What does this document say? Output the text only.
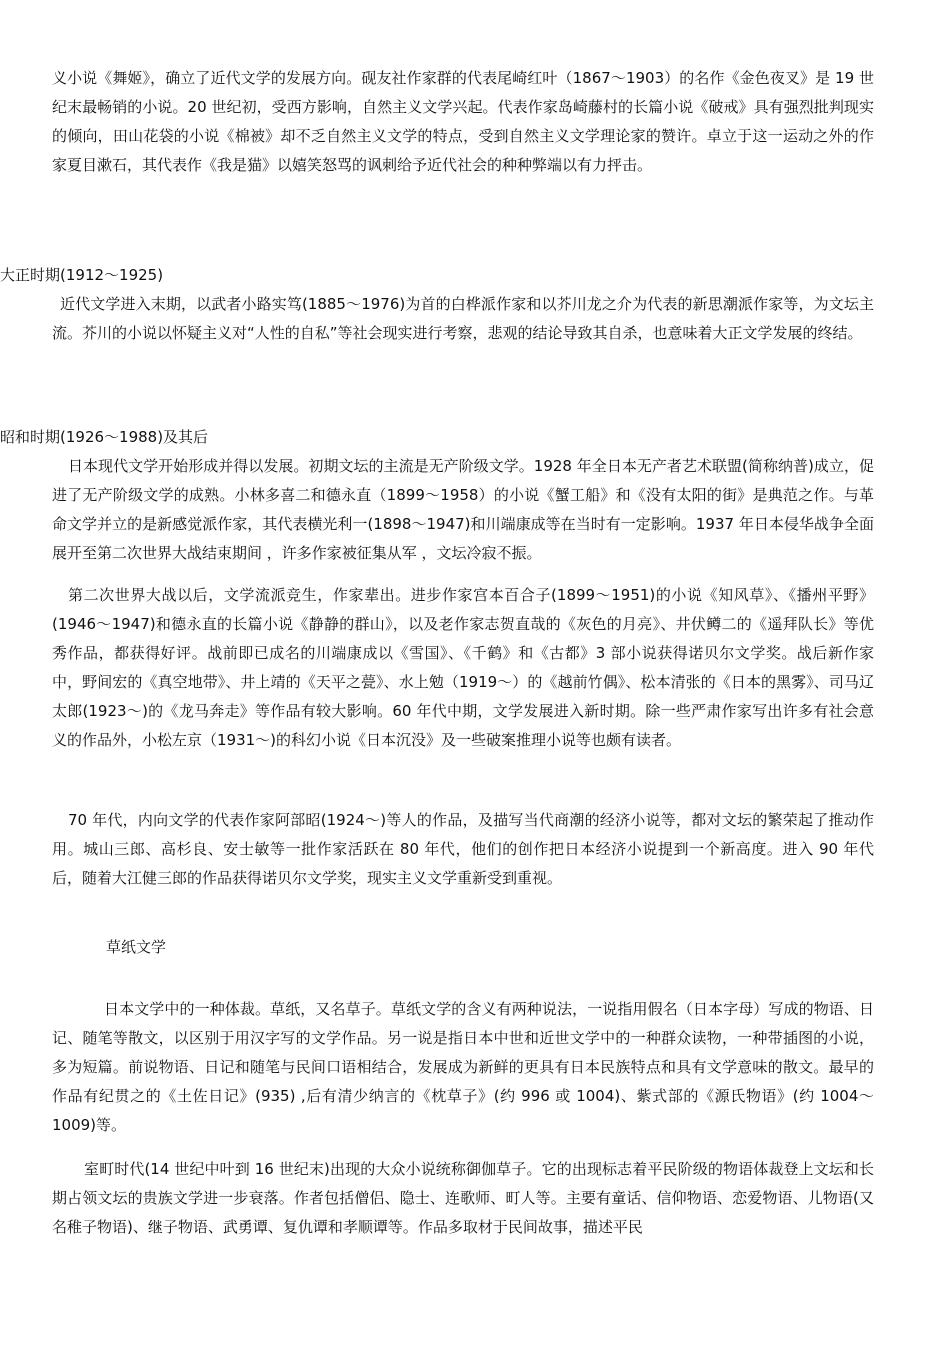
义小说《舞姬》，确立了近代文学的发展方向。砚友社作家群的代表尾崎红叶（1867～1903）的名作《金色夜叉》是 19 世纪末最畅销的小说。20 世纪初，受西方影响，自然主义文学兴起。代表作家岛崎藤村的长篇小说《破戒》具有强烈批判现实的倾向，田山花袋的小说《棉被》却不乏自然主义文学的特点，受到自然主义文学理论家的赞许。卓立于这一运动之外的作家夏目漱石，其代表作《我是猫》以嬉笑怒骂的讽刺给予近代社会的种种弊端以有力抨击。

大正时期(1912～1925)

近代文学进入末期，以武者小路实笃(1885～1976)为首的白桦派作家和以芥川龙之介为代表的新思潮派作家等，为文坛主流。芥川的小说以怀疑主义对“人性的自私”等社会现实进行考察，悲观的结论导致其自杀，也意味着大正文学发展的终结。

昭和时期(1926～1988)及其后

日本现代文学开始形成并得以发展。初期文坛的主流是无产阶级文学。1928 年全日本无产者艺术联盟(简称纳普)成立，促进了无产阶级文学的成熟。小林多喜二和德永直（1899～1958）的小说《蟹工船》和《没有太阳的街》是典范之作。与革命文学并立的是新感觉派作家，其代表横光利一(1898～1947)和川端康成等在当时有一定影响。1937 年日本侵华战争全面展开至第二次世界大战结束期间 ，许多作家被征集从军 ，文坛冷寂不振。

第二次世界大战以后，文学流派竞生，作家辈出。进步作家宫本百合子(1899～1951)的小说《知风草》、《播州平野》(1946～1947)和德永直的长篇小说《静静的群山》，以及老作家志贺直哉的《灰色的月亮》、井伏鳟二的《遥拜队长》等优秀作品，都获得好评。战前即已成名的川端康成以《雪国》、《千鹤》和《古都》3 部小说获得诺贝尔文学奖。战后新作家中，野间宏的《真空地带》、井上靖的《天平之甍》、水上勉（1919～）的《越前竹偶》、松本清张的《日本的黑雾》、司马辽太郎(1923～)的《龙马奔走》等作品有较大影响。60 年代中期，文学发展进入新时期。除一些严肃作家写出许多有社会意义的作品外，小松左京（1931～)的科幻小说《日本沉没》及一些破案推理小说等也颇有读者。

70 年代，内向文学的代表作家阿部昭(1924～)等人的作品，及描写当代商潮的经济小说等，都对文坛的繁荣起了推动作用。城山三郎、高杉良、安士敏等一批作家活跃在 80 年代，他们的创作把日本经济小说提到一个新高度。进入 90 年代后，随着大江健三郎的作品获得诺贝尔文学奖，现实主义文学重新受到重视。

草纸文学

日本文学中的一种体裁。草纸，又名草子。草纸文学的含义有两种说法，一说指用假名（日本字母）写成的物语、日记、随笔等散文，以区别于用汉字写的文学作品。另一说是指日本中世和近世文学中的一种群众读物，一种带插图的小说，多为短篇。前说物语、日记和随笔与民间口语相结合，发展成为新鲜的更具有日本民族特点和具有文学意味的散文。最早的作品有纪贯之的《土佐日记》(935) ,后有清少纳言的《枕草子》(约 996 或 1004)、紫式部的《源氏物语》(约 1004～1009)等。

室町时代(14 世纪中叶到 16 世纪末)出现的大众小说统称御伽草子。它的出现标志着平民阶级的物语体裁登上文坛和长期占领文坛的贵族文学进一步衰落。作者包括僧侣、隐士、连歌师、町人等。主要有童话、信仰物语、恋爱物语、儿物语(又名稚子物语)、继子物语、武勇谭、复仇谭和孝顺谭等。作品多取材于民间故事，描述平民
